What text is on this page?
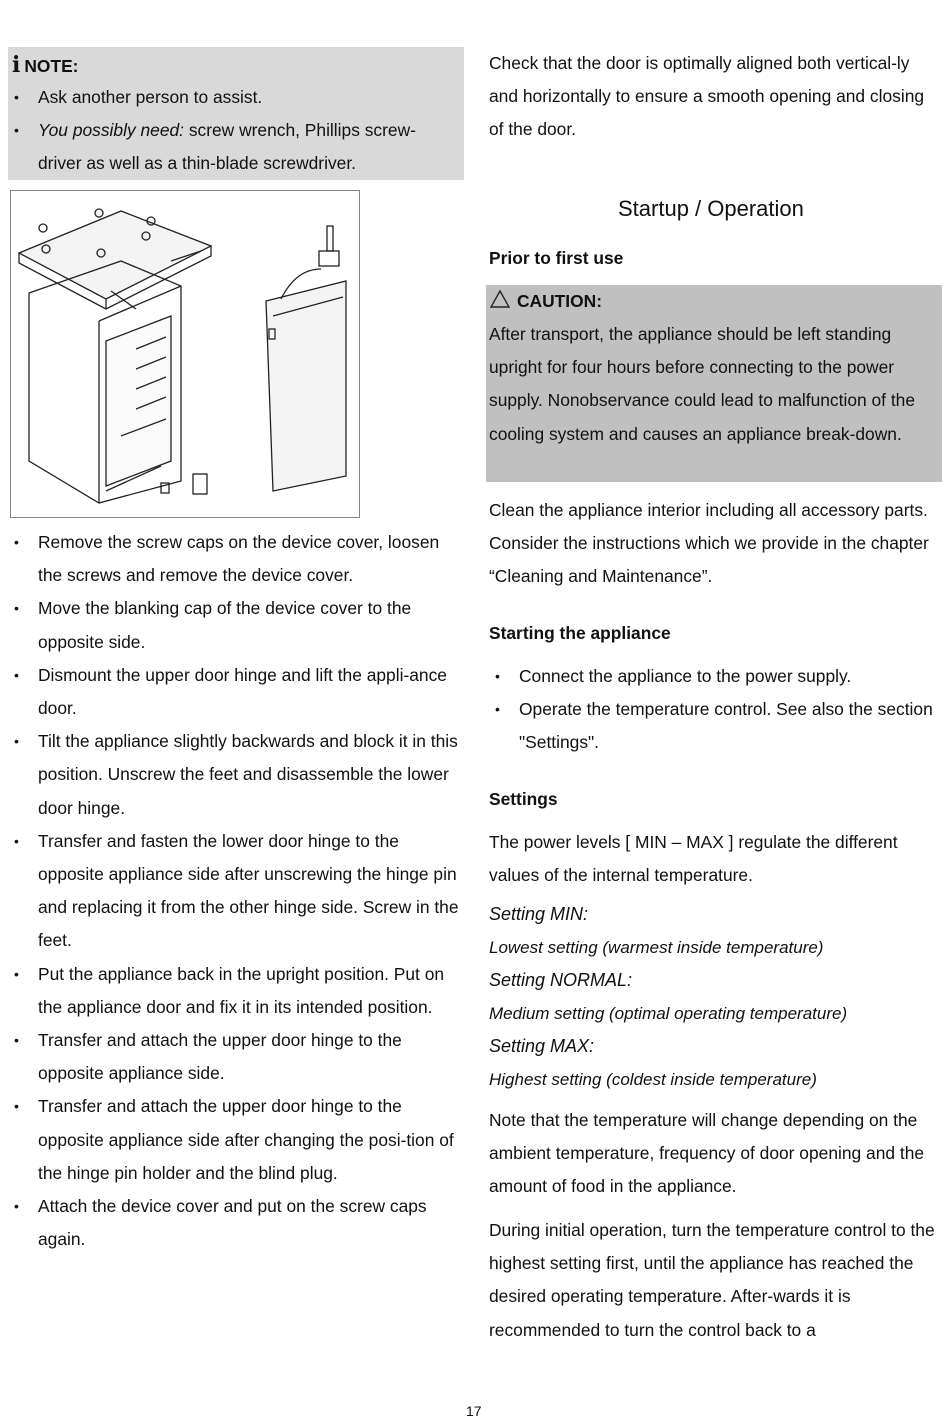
i NOTE:
• Ask another person to assist.
• You possibly need: screw wrench, Phillips screw-driver as well as a thin-blade screwdriver.
• Remove the screw caps on the device cover, loosen the screws and remove the device cover.
• Move the blanking cap of the device cover to the opposite side.
• Dismount the upper door hinge and lift the appli-ance door.
• Tilt the appliance slightly backwards and block it in this position. Unscrew the feet and disassemble the lower door hinge.
• Transfer and fasten the lower door hinge to the opposite appliance side after unscrewing the hinge pin and replacing it from the other hinge side. Screw in the feet.
• Put the appliance back in the upright position. Put on the appliance door and fix it in its intended position.
• Transfer and attach the upper door hinge to the opposite appliance side.
• Transfer and attach the upper door hinge to the opposite appliance side after changing the posi-tion of the hinge pin holder and the blind plug.
• Attach the device cover and put on the screw caps again.

Check that the door is optimally aligned both vertical-ly and horizontally to ensure a smooth opening and closing of the door.

Startup / Operation
Prior to first use
CAUTION:

After transport, the appliance should be left standing upright for four hours before connecting to the power supply. Nonobservance could lead to malfunction of the cooling system and causes an appliance break-down.

Clean the appliance interior including all accessory parts. Consider the instructions which we provide in the chapter “Cleaning and Maintenance”.

Starting the appliance
• Connect the appliance to the power supply.
• Operate the temperature control. See also the section "Settings".
Settings

The power levels [ MIN – MAX ] regulate the different values of the internal temperature.

Setting MIN:

Lowest setting (warmest inside temperature)

Setting NORMAL:

Medium setting (optimal operating temperature)

Setting MAX:

Highest setting (coldest inside temperature)

Note that the temperature will change depending on the ambient temperature, frequency of door opening and the amount of food in the appliance.

During initial operation, turn the temperature control to the highest setting first, until the appliance has reached the desired operating temperature. After-wards it is recommended to turn the control back to a

17
